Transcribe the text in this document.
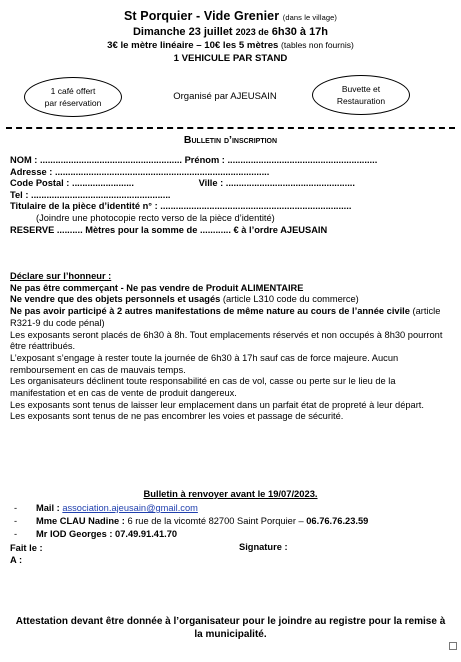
St Porquier - Vide Grenier (dans le village)
Dimanche 23 juillet 2023 de 6h30 à 17h
3€ le mètre linéaire – 10€ les 5 mètres (tables non fournis)
1 VEHICULE PAR STAND
1 café offert
par réservation
Organisé par AJEUSAIN
Buvette et
Restauration
Bulletin d’inscription
NOM : ....................................................... Prénom : ..........................................................
Adresse : ...................................................................................
Code Postal : ........................	Ville : ..................................................
Tel : ......................................................
Titulaire de la pièce d’identité n° : ..........................................................................
(Joindre une photocopie recto verso de la pièce d’identité)
RESERVE .......... Mètres pour la somme de ............ € à l’ordre AJEUSAIN

Déclare sur l’honneur :

Ne pas être commerçant - Ne pas vendre de Produit ALIMENTAIRE

Ne vendre que des objets personnels et usagés (article L310 code du commerce)

Ne pas avoir participé à 2 autres manifestations de même nature au cours de l’année civile (article R321-9 du code pénal)

Les exposants seront placés de 6h30 à 8h. Tout emplacements réservés et non occupés à 8h30 pourront être réattribués.

L’exposant s’engage à rester toute la journée de 6h30 à 17h sauf cas de force majeure. Aucun remboursement en cas de mauvais temps.

Les organisateurs déclinent toute responsabilité en cas de vol, casse ou perte sur le lieu de la manifestation et en cas de vente de produit dangereux.

Les exposants sont tenus de laisser leur emplacement dans un parfait état de propreté à leur départ.

Les exposants sont tenus de ne pas encombrer les voies et passage de sécurité.

Bulletin à renvoyer avant le 19/07/2023.
- Mail : association.ajeusain@gmail.com
- Mme CLAU Nadine : 6 rue de la vicomté 82700 Saint Porquier – 06.76.76.23.59
- Mr IOD Georges : 07.49.91.41.70
Fait le :
A :
Signature :
Attestation devant être donnée à l’organisateur pour le joindre au registre pour la remise à la municipalité.
